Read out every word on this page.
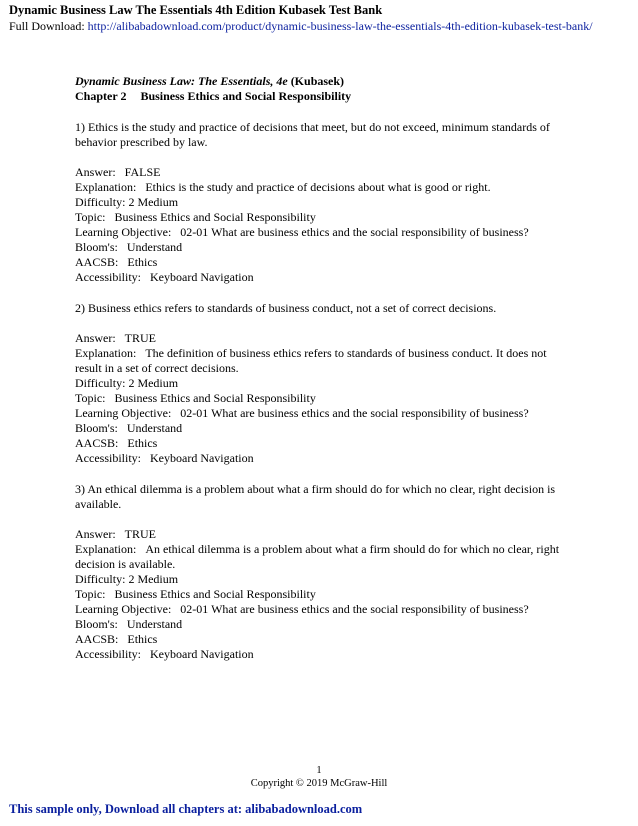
Dynamic Business Law The Essentials 4th Edition Kubasek Test Bank
Full Download: http://alibabadownload.com/product/dynamic-business-law-the-essentials-4th-edition-kubasek-test-bank/
Dynamic Business Law: The Essentials, 4e (Kubasek)
Chapter 2 Business Ethics and Social Responsibility
1) Ethics is the study and practice of decisions that meet, but do not exceed, minimum standards of behavior prescribed by law.
Answer: FALSE
Explanation: Ethics is the study and practice of decisions about what is good or right.
Difficulty: 2 Medium
Topic: Business Ethics and Social Responsibility
Learning Objective: 02-01 What are business ethics and the social responsibility of business?
Bloom's: Understand
AACSB: Ethics
Accessibility: Keyboard Navigation
2) Business ethics refers to standards of business conduct, not a set of correct decisions.
Answer: TRUE
Explanation: The definition of business ethics refers to standards of business conduct. It does not result in a set of correct decisions.
Difficulty: 2 Medium
Topic: Business Ethics and Social Responsibility
Learning Objective: 02-01 What are business ethics and the social responsibility of business?
Bloom's: Understand
AACSB: Ethics
Accessibility: Keyboard Navigation
3) An ethical dilemma is a problem about what a firm should do for which no clear, right decision is available.
Answer: TRUE
Explanation: An ethical dilemma is a problem about what a firm should do for which no clear, right decision is available.
Difficulty: 2 Medium
Topic: Business Ethics and Social Responsibility
Learning Objective: 02-01 What are business ethics and the social responsibility of business?
Bloom's: Understand
AACSB: Ethics
Accessibility: Keyboard Navigation
1
Copyright © 2019 McGraw-Hill
This sample only, Download all chapters at: alibabadownload.com
